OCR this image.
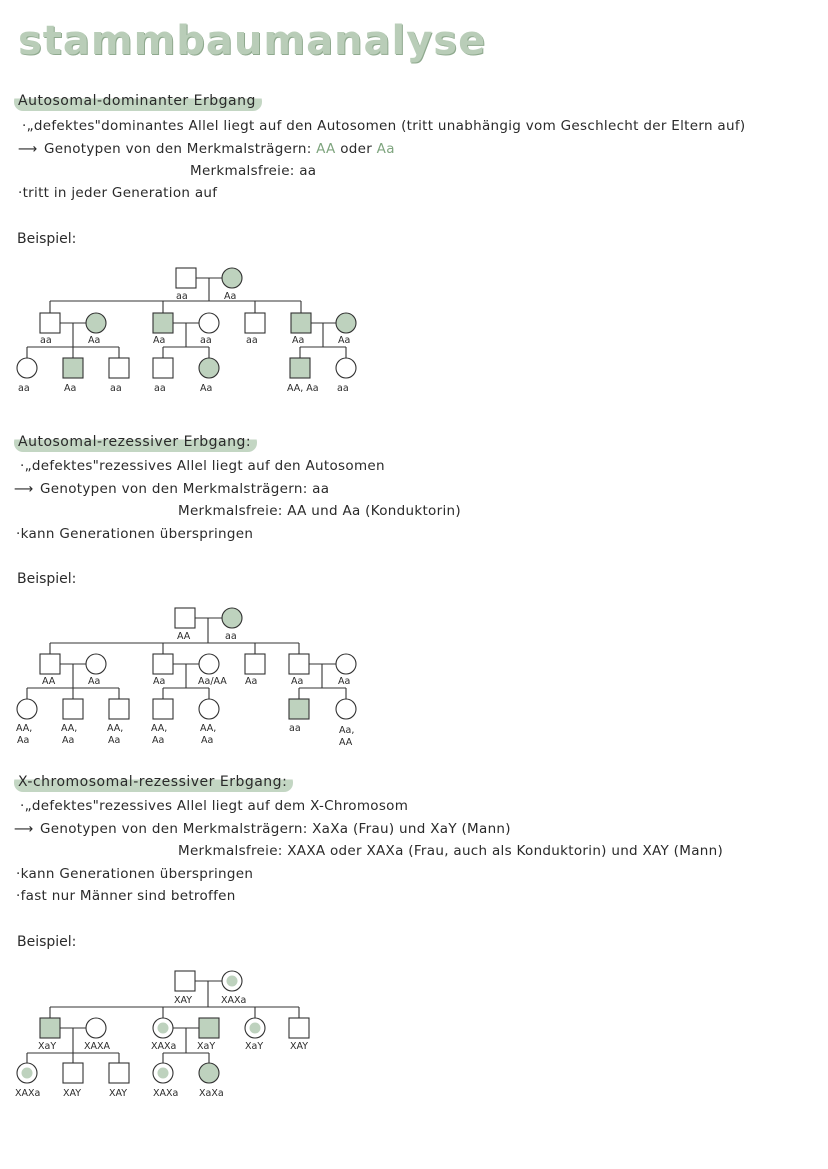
stammbaumanalyse
Autosomal-dominanter Erbgang

·„defektes"dominantes Allel liegt auf den Autosomen (tritt unabhängig vom Geschlecht der Eltern auf)

⟶ Genotypen von den Merkmalsträgern: AA oder Aa

Merkmalsfreie: aa

·tritt in jeder Generation auf

Beispiel:

aa	Aa
aa	Aa	Aa	aa	aa	Aa	Aa
aa	Aa	aa	aa	Aa	AA, Aa aa
Autosomal-rezessiver Erbgang:

·„defektes"rezessives Allel liegt auf den Autosomen

⟶ Genotypen von den Merkmalsträgern: aa

Merkmalsfreie: AA und Aa (Konduktorin)

·kann Generationen überspringen

Beispiel:

AA	aa
AA	Aa	Aa	Aa/AA Aa	Aa	Aa
AA,
Aa
AA,
Aa
AA,
Aa
AA,
Aa
AA,
Aa
aa	Aa,
AA
X-chromosomal-rezessiver Erbgang:

·„defektes"rezessives Allel liegt auf dem X-Chromosom

⟶ Genotypen von den Merkmalsträgern: XaXa (Frau) und XaY (Mann)

Merkmalsfreie: XAXA oder XAXa (Frau, auch als Konduktorin) und XAY (Mann)

·kann Generationen überspringen

·fast nur Männer sind betroffen

Beispiel:

XAY	XAXa
XaY	XAXA	XAXa XaY	XaY	XAY
XAXa XAY	XAY	XAXa XaXa
